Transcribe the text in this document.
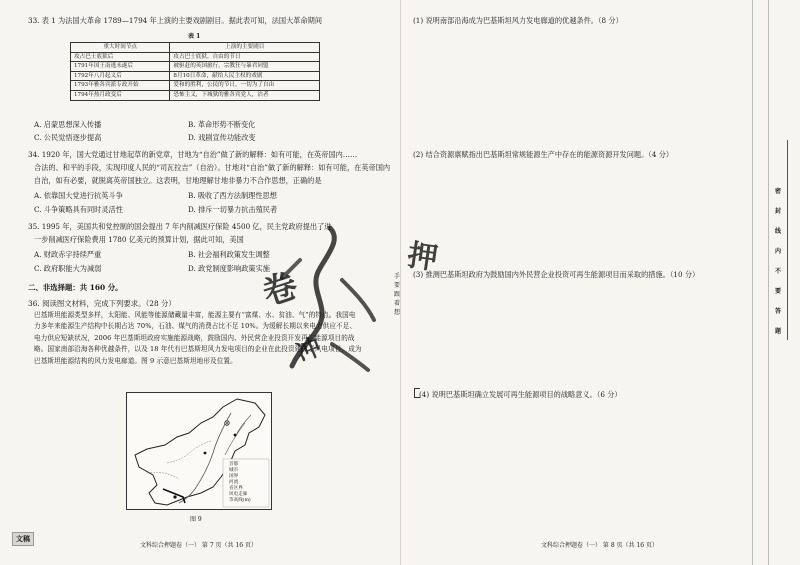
33. 表 1 为法国大革命 1789—1794 年上演的主要戏剧剧目。据此表可知，法国大革命期间
表 1
重大时间节点	上演的主要剧目
攻占巴士底狱后	攻占巴士底狱，自由的节日
1791年国王南逃未遂后	被驱赶的英国旅行，宗教狂与暴君同盟
1792年八月起义后	8月10日革命，献给人民主权的戏剧
1793年雅各宾派专政开始	爱和的胜利，公民的节日，一切为了自由
1794年热月政变后	恐怖主义，下城狱的雅各宾党人，沽者
A. 启蒙思想深入传播	B. 革命形势不断变化
C. 公民觉悟逐步提高	D. 戏剧宣传功能改变
34. 1920 年，国大党通过甘地起草的新党章，甘地为“自治”做了新的解释：如有可能，在英帝国内……
合法的、和平的手段，实现印度人民的“司瓦拉吉”（自治）。甘地对“自治”做了新的解释：如有可能，在英帝国内
自治，如有必要，就脱离英帝国独立。这表明，甘地理解甘地非暴力不合作思想，正确的是
A. 依靠国大党进行抗英斗争	B. 吸收了西方法制理性思想
C. 斗争策略具有同时灵活性	D. 排斥一切暴力抗击殖民者
35. 1995 年，美国共和党控制的国会提出 7 年内削减医疗保险 4500 亿，民主党政府提出了进
一步削减医疗保险费用 1780 亿美元的预算计划，据此可知，美国
A. 财政赤字持续严重	B. 社会福利政策发生调整
C. 政府职能大为减弱	D. 政党制度影响政策实施
二、非选择题：共 160 分。
36. 阅读图文材料，完成下列要求。（28 分）
巴基斯坦能源类型多样，太阳能、风能等能源储藏量丰富，能源主要有“富煤、水、贫油、气”的特点。我国电力多年来能源生产结构中长期占达 70%，石油、煤气的消费占比不足 10%。为缓解长期以来电力供应不足、电力供应短缺状况，2006 年巴基斯坦政府实施能源战略，鼓励国内、外民营企业投资开发再生能源项目的战略。国家南部沿海各种优越条件，以及 18 年代有巴基斯坦风力发电项目的企业在此投资建设了风电项目，成为巴基斯坦能源结构的风力发电廊道。图 9 示意巴基斯坦地形及位置。
首都
城市
国界
河流
省区界
风电走廊
等高线(m)
图 9
文稿
文科综合押题卷（一） 第 7 页（共 16 页）
手要跟着想
(1) 说明南部沿海成为巴基斯坦风力发电廊道的优越条件。（8 分）
(2) 结合资源禀赋指出巴基斯坦常规能源生产中存在的能源资源开发问题。（4 分）
(3) 推测巴基斯坦政府为鼓励国内外民营企业投资可再生能源项目而采取的措施。（10 分）
(4) 说明巴基斯坦确立发展可再生能源项目的战略意义。（6 分）
文科综合押题卷（一） 第 8 页（共 16 页）
密
封
线
内
不
要
答
题
卷
押
冲
